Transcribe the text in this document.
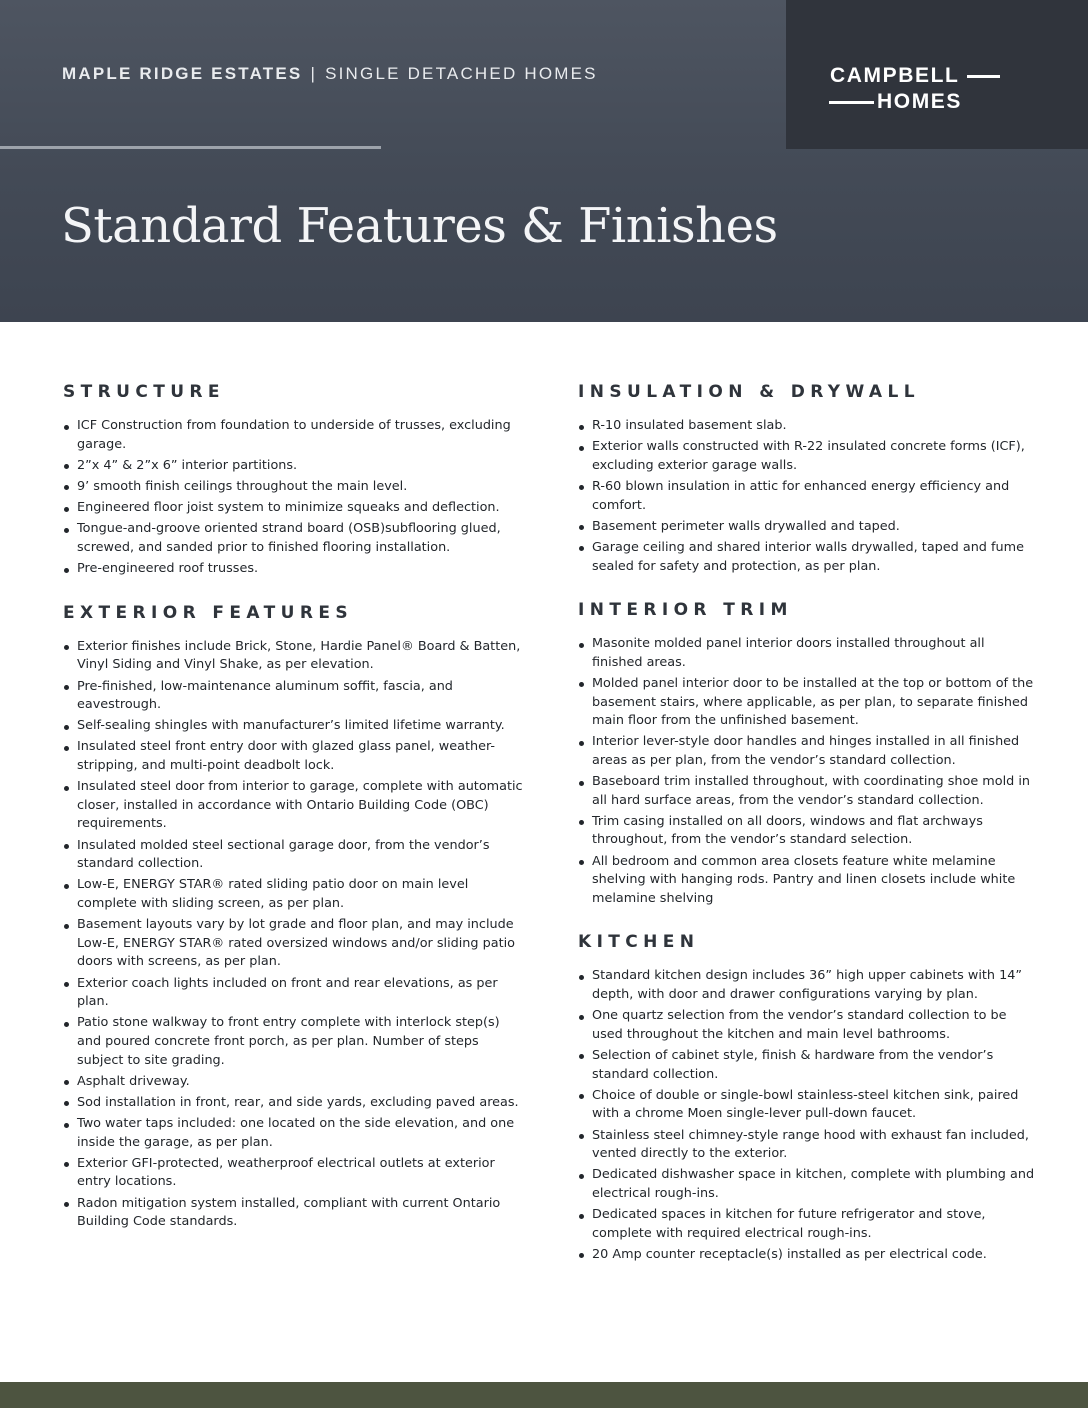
MAPLE RIDGE ESTATES | SINGLE DETACHED HOMES	CAMPBELL
HOMES
Standard Features & Finishes
STRUCTURE
ICF Construction from foundation to underside of trusses, excluding garage.
2”x 4” & 2”x 6” interior partitions.
9’ smooth finish ceilings throughout the main level.
Engineered floor joist system to minimize squeaks and deflection.
Tongue-and-groove oriented strand board (OSB)subflooring glued, screwed, and sanded prior to finished flooring installation.
Pre-engineered roof trusses.
EXTERIOR FEATURES
Exterior finishes include Brick, Stone, Hardie Panel® Board & Batten, Vinyl Siding and Vinyl Shake, as per elevation.
Pre-finished, low-maintenance aluminum soffit, fascia, and eavestrough.
Self-sealing shingles with manufacturer’s limited lifetime warranty.
Insulated steel front entry door with glazed glass panel, weather-stripping, and multi-point deadbolt lock.
Insulated steel door from interior to garage, complete with automatic closer, installed in accordance with Ontario Building Code (OBC) requirements.
Insulated molded steel sectional garage door, from the vendor’s standard collection.
Low-E, ENERGY STAR® rated sliding patio door on main level complete with sliding screen, as per plan.
Basement layouts vary by lot grade and floor plan, and may include Low-E, ENERGY STAR® rated oversized windows and/or sliding patio doors with screens, as per plan.
Exterior coach lights included on front and rear elevations, as per plan.
Patio stone walkway to front entry complete with interlock step(s) and poured concrete front porch, as per plan. Number of steps subject to site grading.
Asphalt driveway.
Sod installation in front, rear, and side yards, excluding paved areas.
Two water taps included: one located on the side elevation, and one inside the garage, as per plan.
Exterior GFI-protected, weatherproof electrical outlets at exterior entry locations.
Radon mitigation system installed, compliant with current Ontario Building Code standards.
INSULATION & DRYWALL
R-10 insulated basement slab.
Exterior walls constructed with R-22 insulated concrete forms (ICF), excluding exterior garage walls.
R-60 blown insulation in attic for enhanced energy efficiency and comfort.
Basement perimeter walls drywalled and taped.
Garage ceiling and shared interior walls drywalled, taped and fume sealed for safety and protection, as per plan.
INTERIOR TRIM
Masonite molded panel interior doors installed throughout all finished areas.
Molded panel interior door to be installed at the top or bottom of the basement stairs, where applicable, as per plan, to separate finished main floor from the unfinished basement.
Interior lever-style door handles and hinges installed in all finished areas as per plan, from the vendor’s standard collection.
Baseboard trim installed throughout, with coordinating shoe mold in all hard surface areas, from the vendor’s standard collection.
Trim casing installed on all doors, windows and flat archways throughout, from the vendor’s standard selection.
All bedroom and common area closets feature white melamine shelving with hanging rods. Pantry and linen closets include white melamine shelving
KITCHEN
Standard kitchen design includes 36” high upper cabinets with 14” depth, with door and drawer configurations varying by plan.
One quartz selection from the vendor’s standard collection to be used throughout the kitchen and main level bathrooms.
Selection of cabinet style, finish & hardware from the vendor’s standard collection.
Choice of double or single-bowl stainless-steel kitchen sink, paired with a chrome Moen single-lever pull-down faucet.
Stainless steel chimney-style range hood with exhaust fan included, vented directly to the exterior.
Dedicated dishwasher space in kitchen, complete with plumbing and electrical rough-ins.
Dedicated spaces in kitchen for future refrigerator and stove, complete with required electrical rough-ins.
20 Amp counter receptacle(s) installed as per electrical code.
